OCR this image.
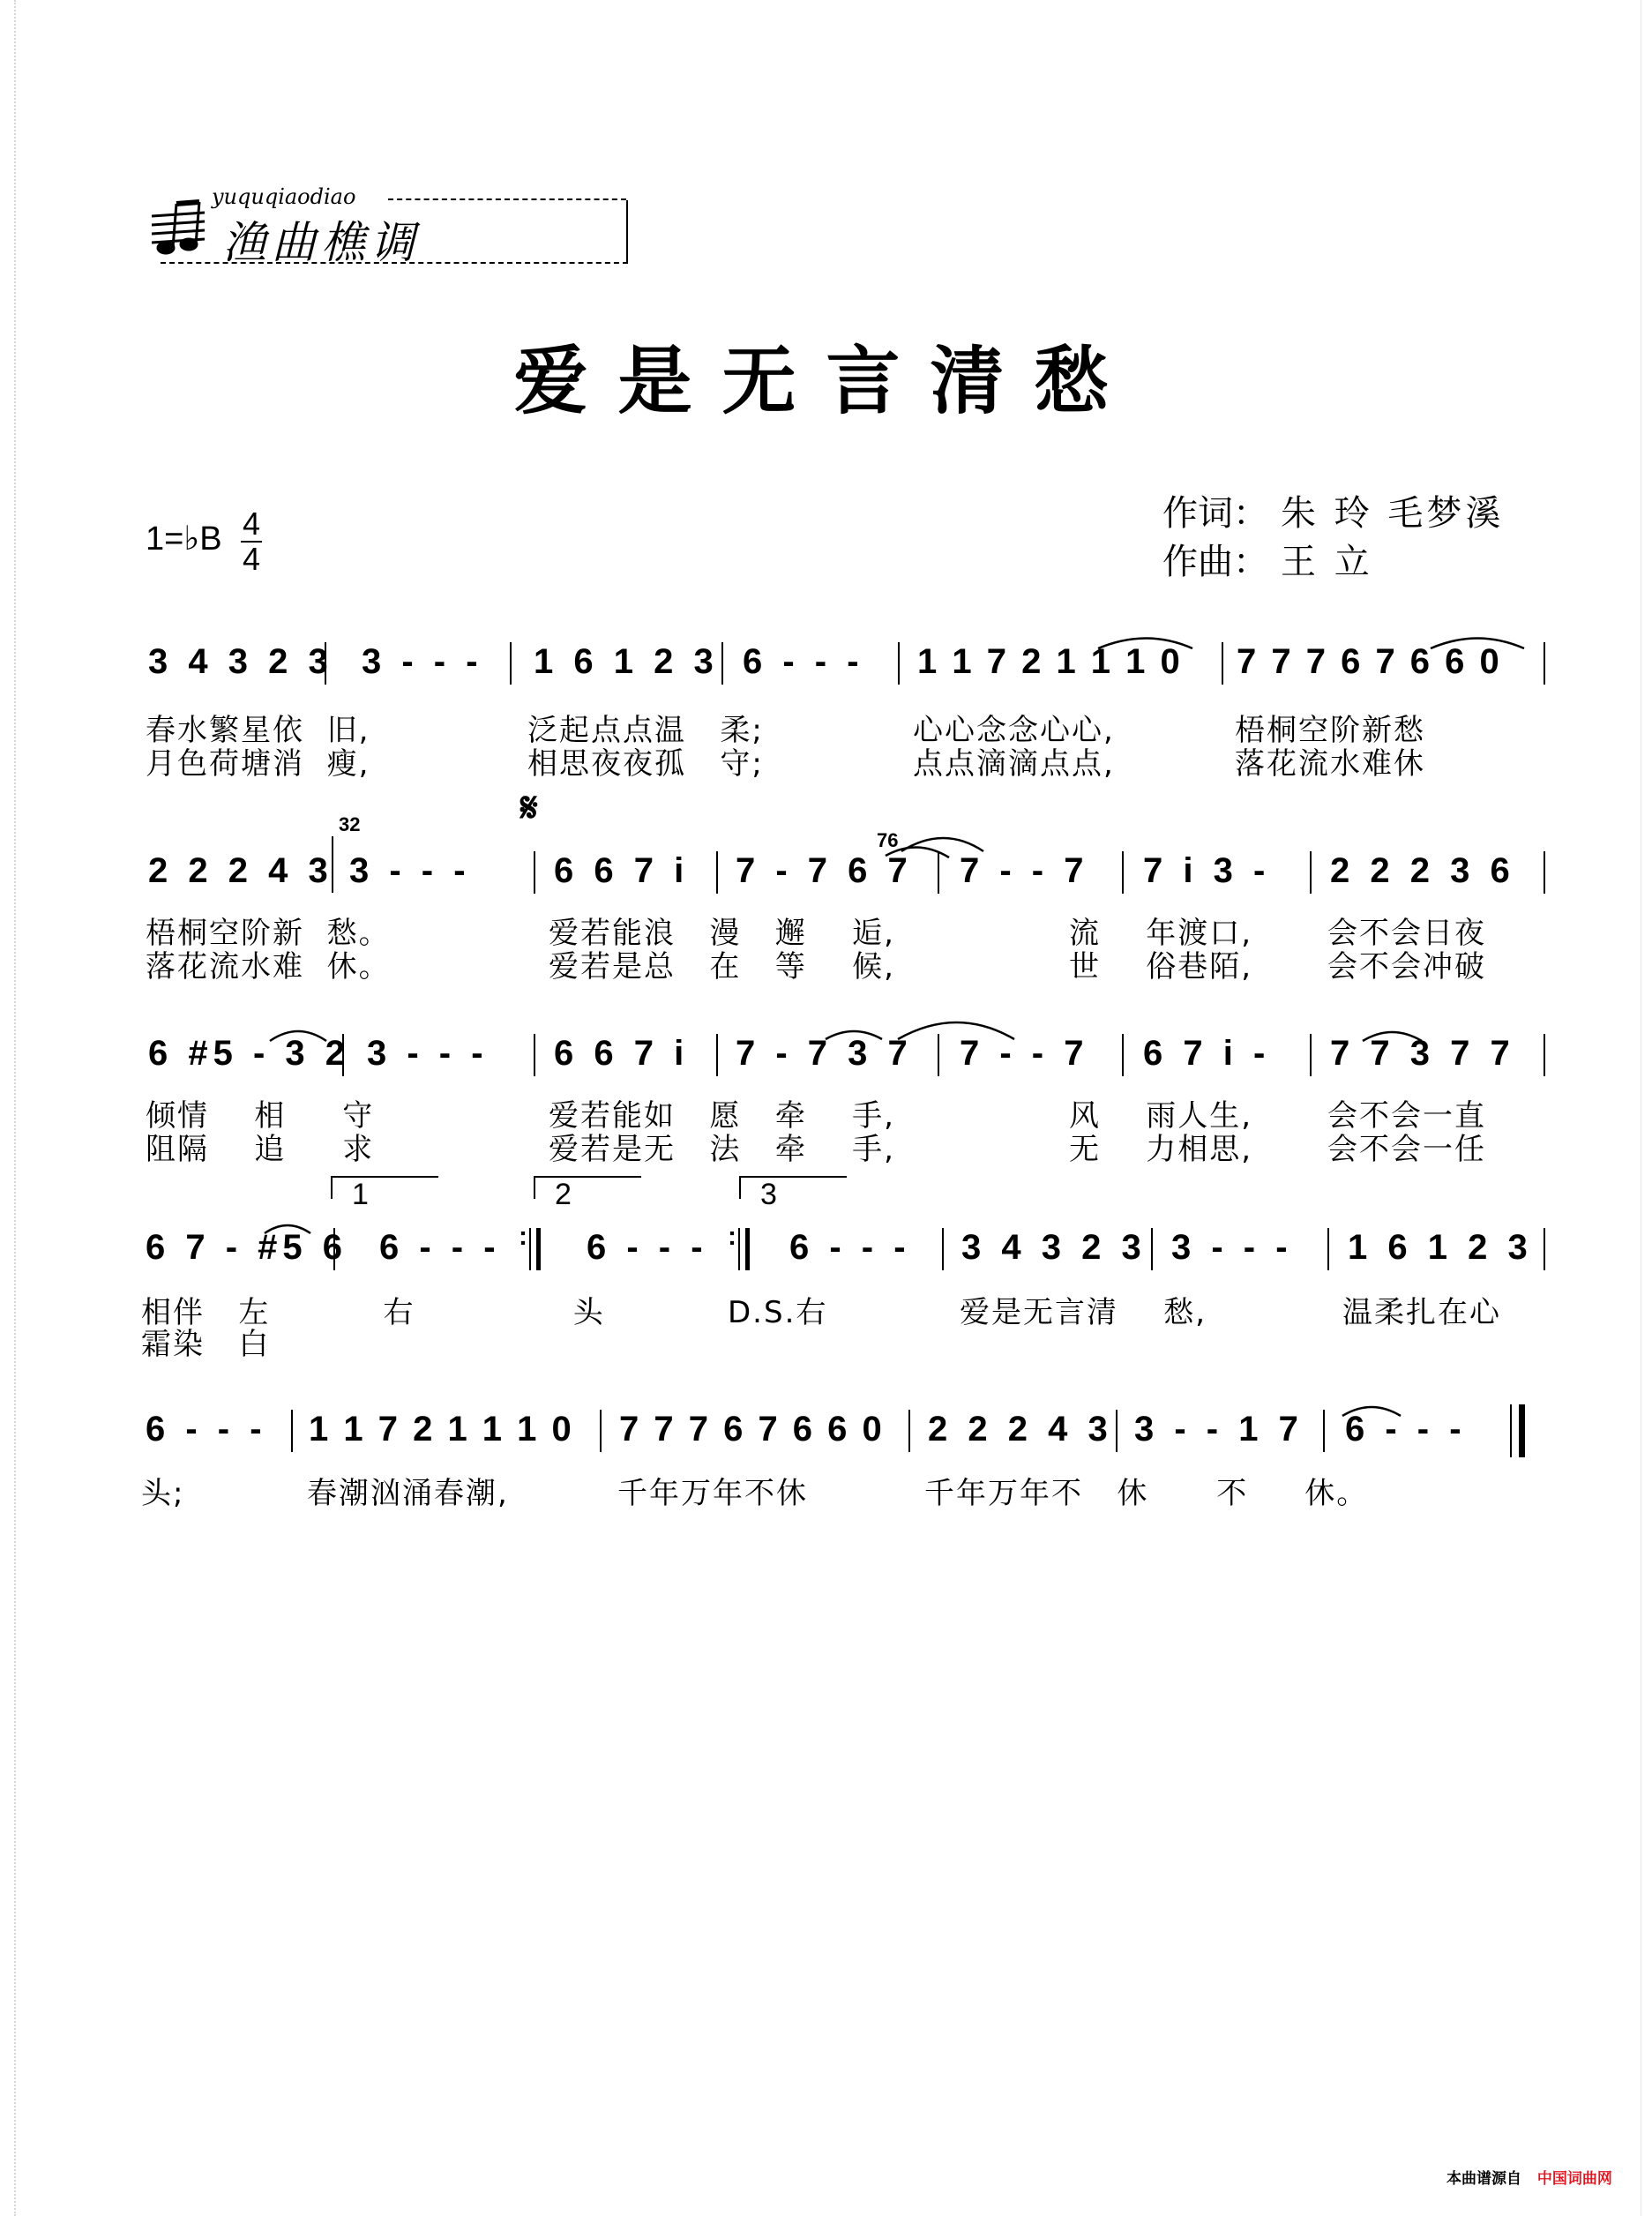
yuquqiaodiao
渔曲樵调
爱是无言清愁
1=♭B 4
4
作词： 朱 玲 毛梦溪
作曲： 王 立
3 4 3 2 3 3 - - - 1 6 1 2 3 6 - - - 1 1 7 2 1 1 1 0 7 7 7 6 7 6 6 0
春水繁星依  旧,	泛起点点温   柔;	心心念念心心,	梧桐空阶新愁
月色荷塘消  瘦,	相思夜夜孤   守;	点点滴滴点点,	落花流水难休
32	𝄋
76
2 2 2 4 3 3 - - - 6 6 7 i 7 - 7 6 7 7 - - 7 7 i 3 - 2 2 2 3 6
梧桐空阶新  愁。	爱若能浪   漫   邂    逅,	流    年渡口, 会不会日夜
落花流水难  休。	爱若是总   在   等    候,	世    俗巷陌, 会不会冲破
6 #5 - 3 2 3 - - - 6 6 7 i 7 - 7 3 7 7 - - 7 6 7 i - 7 7 3 7 7
倾情    相     守	爱若能如   愿   牵    手,	风    雨人生, 会不会一直
阻隔    追     求	爱若是无   法   牵    手,	无    力相思, 会不会一任
1	2	3
6 7 - #5 6 6 - - - : 6 - - - : 6 - - - 3 4 3 2 3 3 - - - 1 6 1 2 3
相伴   左          右              头	D.S.右	爱是无言清    愁,	温柔扎在心
霜染   白
6 - - - 1 1 7 2 1 1 1 0 7 7 7 6 7 6 6 0 2 2 2 4 3 3 - - 1 7 6 - - -
头;	春潮汹涌春潮,	千年万年不休	千年万年不   休      不     休。
本曲谱源自 中国词曲网
